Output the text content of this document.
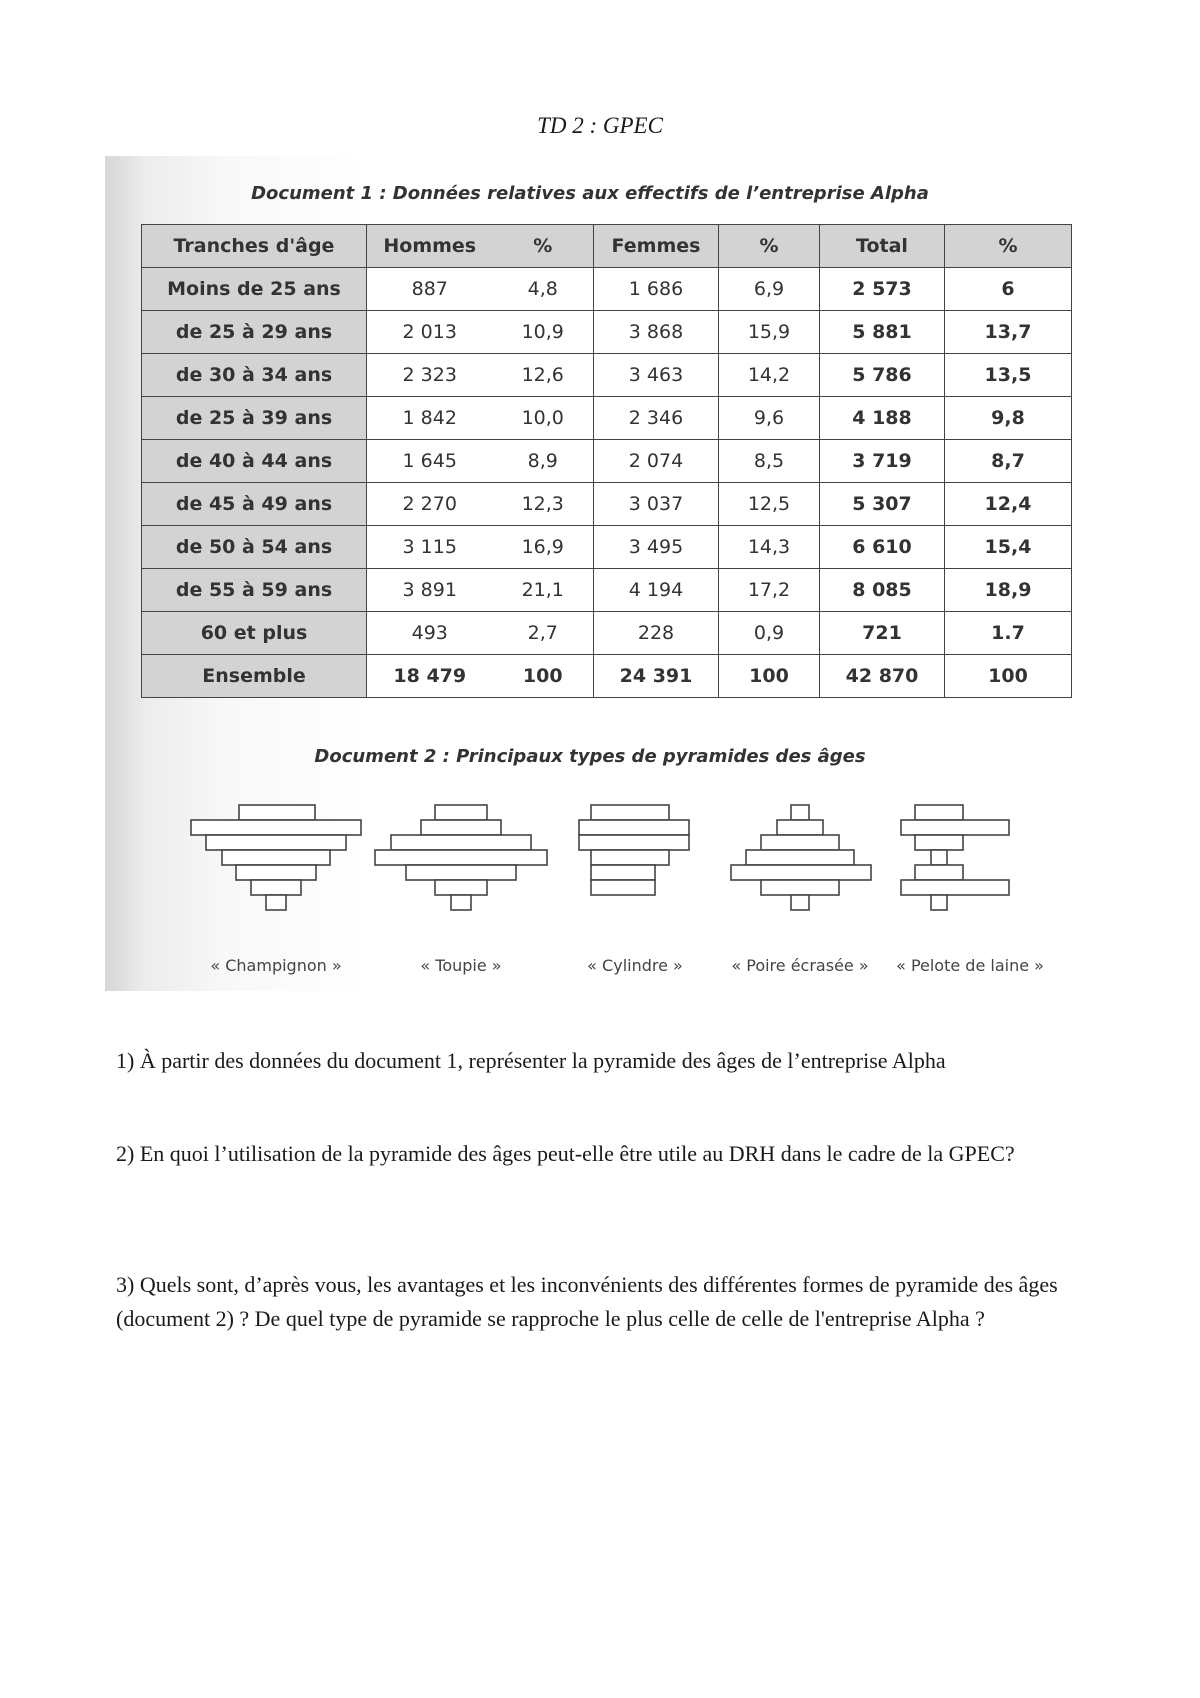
TD 2 : GPEC
Document 1 : Données relatives aux effectifs de l’entreprise Alpha
Tranches d'âge	Hommes	%	Femmes	%	Total	%
Moins de 25 ans	887	4,8	1 686	6,9	2 573	6
de 25 à 29 ans	2 013	10,9	3 868	15,9	5 881	13,7
de 30 à 34 ans	2 323	12,6	3 463	14,2	5 786	13,5
de 25 à 39 ans	1 842	10,0	2 346	9,6	4 188	9,8
de 40 à 44 ans	1 645	8,9	2 074	8,5	3 719	8,7
de 45 à 49 ans	2 270	12,3	3 037	12,5	5 307	12,4
de 50 à 54 ans	3 115	16,9	3 495	14,3	6 610	15,4
de 55 à 59 ans	3 891	21,1	4 194	17,2	8 085	18,9
60 et plus	493	2,7	228	0,9	721	1.7
Ensemble	18 479	100	24 391	100	42 870	100
Document 2 : Principaux types de pyramides des âges
« Champignon »	« Toupie »	« Cylindre »	« Poire écrasée »	« Pelote de laine »
1) À partir des données du document 1, représenter la pyramide des âges de l’entreprise Alpha
2) En quoi l’utilisation de la pyramide des âges peut-elle être utile au DRH dans le cadre de la GPEC?
3) Quels sont, d’après vous, les avantages et les inconvénients des différentes formes de pyramide des âges (document 2) ? De quel type de pyramide se rapproche le plus celle de celle de l'entreprise Alpha ?
